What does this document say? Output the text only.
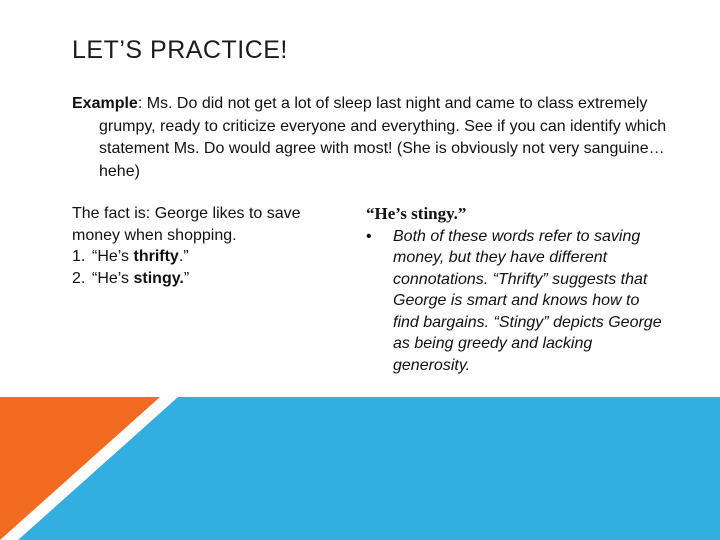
LET’S PRACTICE!
Example: Ms. Do did not get a lot of sleep last night and came to class extremely grumpy, ready to criticize everyone and everything. See if you can identify which statement Ms. Do would agree with most! (She is obviously not very sanguine…hehe)
The fact is: George likes to save money when shopping.
1. “He’s thrifty.”
2. “He’s stingy.”
“He’s stingy.”
•	Both of these words refer to saving money, but they have different connotations. “Thrifty” suggests that George is smart and knows how to find bargains. “Stingy” depicts George as being greedy and lacking generosity.
